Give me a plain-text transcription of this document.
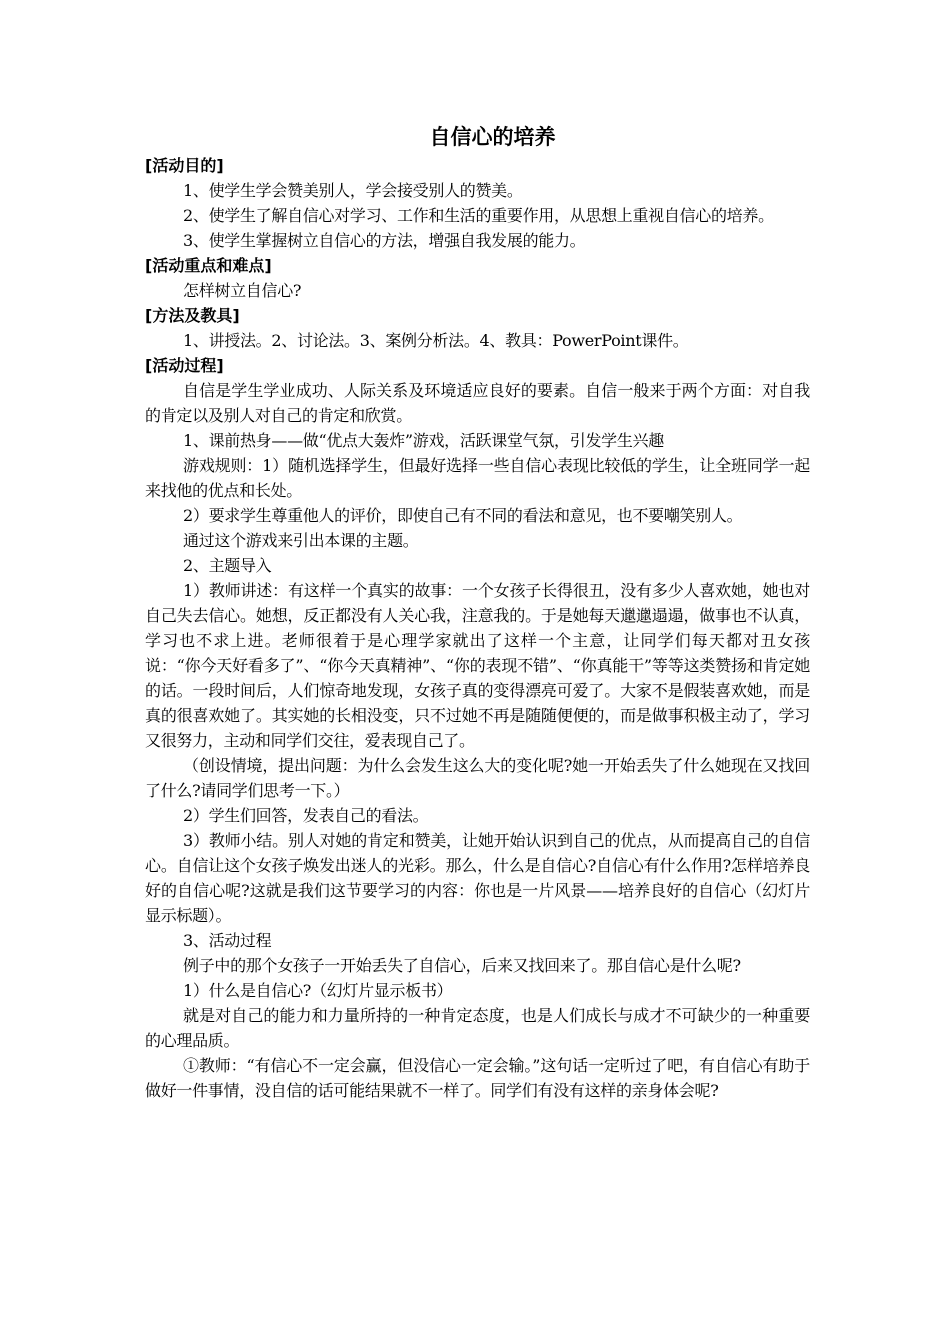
自信心的培养
[活动目的]

1、使学生学会赞美别人，学会接受别人的赞美。

2、使学生了解自信心对学习、工作和生活的重要作用，从思想上重视自信心的培养。

3、使学生掌握树立自信心的方法，增强自我发展的能力。

[活动重点和难点]

怎样树立自信心?

[方法及教具]

1、讲授法。2、讨论法。3、案例分析法。4、教具：PowerPoint课件。

[活动过程]

自信是学生学业成功、人际关系及环境适应良好的要素。自信一般来于两个方面：对自我的肯定以及别人对自己的肯定和欣赏。

1、课前热身——做“优点大轰炸”游戏，活跃课堂气氛，引发学生兴趣

游戏规则：1）随机选择学生，但最好选择一些自信心表现比较低的学生，让全班同学一起来找他的优点和长处。

2）要求学生尊重他人的评价，即使自己有不同的看法和意见，也不要嘲笑别人。

通过这个游戏来引出本课的主题。

2、主题导入

1）教师讲述：有这样一个真实的故事：一个女孩子长得很丑，没有多少人喜欢她，她也对自己失去信心。她想，反正都没有人关心我，注意我的。于是她每天邋邋遢遢，做事也不认真，学习也不求上进。老师很着于是心理学家就出了这样一个主意，让同学们每天都对丑女孩说：“你今天好看多了”、“你今天真精神”、“你的表现不错”、“你真能干”等等这类赞扬和肯定她的话。一段时间后，人们惊奇地发现，女孩子真的变得漂亮可爱了。大家不是假装喜欢她，而是真的很喜欢她了。其实她的长相没变，只不过她不再是随随便便的，而是做事积极主动了，学习又很努力，主动和同学们交往，爱表现自己了。

（创设情境，提出问题：为什么会发生这么大的变化呢?她一开始丢失了什么她现在又找回了什么?请同学们思考一下。）

2）学生们回答，发表自己的看法。

3）教师小结。别人对她的肯定和赞美，让她开始认识到自己的优点，从而提高自己的自信心。自信让这个女孩子焕发出迷人的光彩。那么，什么是自信心?自信心有什么作用?怎样培养良好的自信心呢?这就是我们这节要学习的内容：你也是一片风景——培养良好的自信心（幻灯片显示标题）。

3、活动过程

例子中的那个女孩子一开始丢失了自信心，后来又找回来了。那自信心是什么呢?

1）什么是自信心?（幻灯片显示板书）

就是对自己的能力和力量所持的一种肯定态度，也是人们成长与成才不可缺少的一种重要的心理品质。

①教师：“有信心不一定会赢，但没信心一定会输。”这句话一定听过了吧，有自信心有助于做好一件事情，没自信的话可能结果就不一样了。同学们有没有这样的亲身体会呢?
